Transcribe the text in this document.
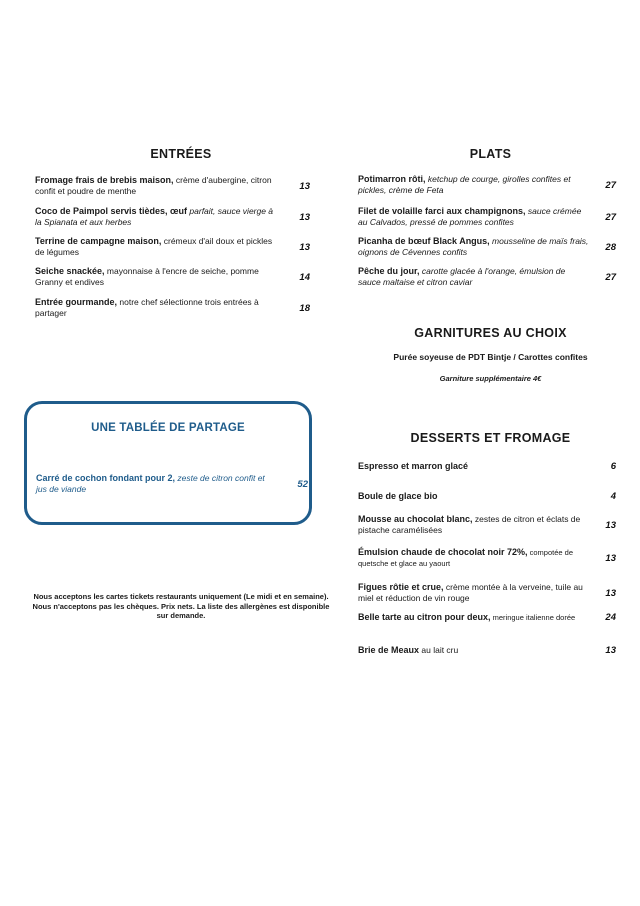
ENTRÉES
Fromage frais de brebis maison, crème d'aubergine, citron confit et poudre de menthe	13
Coco de Paimpol servis tièdes, œuf parfait, sauce vierge à la Spianata et aux herbes	13
Terrine de campagne maison, crémeux d'ail doux et pickles de légumes	13
Seiche snackée, mayonnaise à l'encre de seiche, pomme Granny et endives	14
Entrée gourmande, notre chef sélectionne trois entrées à partager	18
UNE TABLÉE DE PARTAGE
Carré de cochon fondant pour 2, zeste de citron confit et jus de viande	52
Nous acceptons les cartes tickets restaurants uniquement (Le midi et en semaine). Nous n'acceptons pas les chèques. Prix nets. La liste des allergènes est disponible sur demande.
PLATS
Potimarron rôti, ketchup de courge, girolles confites et pickles, crème de Feta	27
Filet de volaille farci aux champignons, sauce crémée au Calvados, pressé de pommes confites	27
Picanha de bœuf Black Angus, mousseline de maïs frais, oignons de Cévennes confits	28
Pêche du jour, carotte glacée à l'orange, émulsion de sauce maltaise et citron caviar	27
GARNITURES AU CHOIX
Purée soyeuse de PDT Bintje / Carottes confites
Garniture supplémentaire 4€
DESSERTS ET FROMAGE
Espresso et marron glacé	6
Boule de glace bio	4
Mousse au chocolat blanc, zestes de citron et éclats de pistache caramélisées	13
Émulsion chaude de chocolat noir 72%, compotée de quetsche et glace au yaourt	13
Figues rôtie et crue, crème montée à la verveine, tuile au miel et réduction de vin rouge	13
Belle tarte au citron pour deux, meringue italienne dorée	24
Brie de Meaux au lait cru	13
